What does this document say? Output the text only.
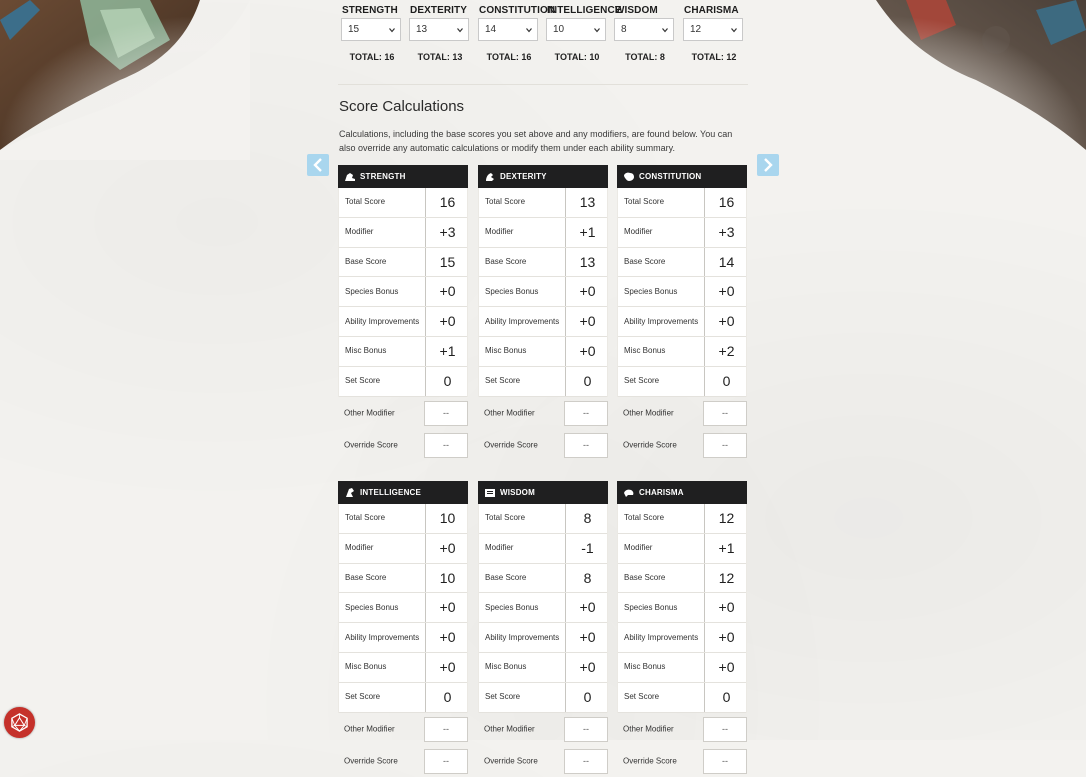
STRENGTH
15
TOTAL: 16
DEXTERITY
13
TOTAL: 13
CONSTITUTION
14
TOTAL: 16
INTELLIGENCE
10
TOTAL: 10
WISDOM
8
TOTAL: 8
CHARISMA
12
TOTAL: 12
Score Calculations
Calculations, including the base scores you set above and any modifiers, are found below. You can also override any automatic calculations or modify them under each ability summary.
STRENGTH
Total Score	16
Modifier	+3
Base Score	15
Species Bonus	+0
Ability Improvements	+0
Misc Bonus	+1
Set Score	0
Other Modifier	--
Override Score	--
DEXTERITY
Total Score	13
Modifier	+1
Base Score	13
Species Bonus	+0
Ability Improvements	+0
Misc Bonus	+0
Set Score	0
Other Modifier	--
Override Score	--
CONSTITUTION
Total Score	16
Modifier	+3
Base Score	14
Species Bonus	+0
Ability Improvements	+0
Misc Bonus	+2
Set Score	0
Other Modifier	--
Override Score	--
INTELLIGENCE
Total Score	10
Modifier	+0
Base Score	10
Species Bonus	+0
Ability Improvements	+0
Misc Bonus	+0
Set Score	0
Other Modifier	--
Override Score	--
WISDOM
Total Score	8
Modifier	-1
Base Score	8
Species Bonus	+0
Ability Improvements	+0
Misc Bonus	+0
Set Score	0
Other Modifier	--
Override Score	--
CHARISMA
Total Score	12
Modifier	+1
Base Score	12
Species Bonus	+0
Ability Improvements	+0
Misc Bonus	+0
Set Score	0
Other Modifier	--
Override Score	--
